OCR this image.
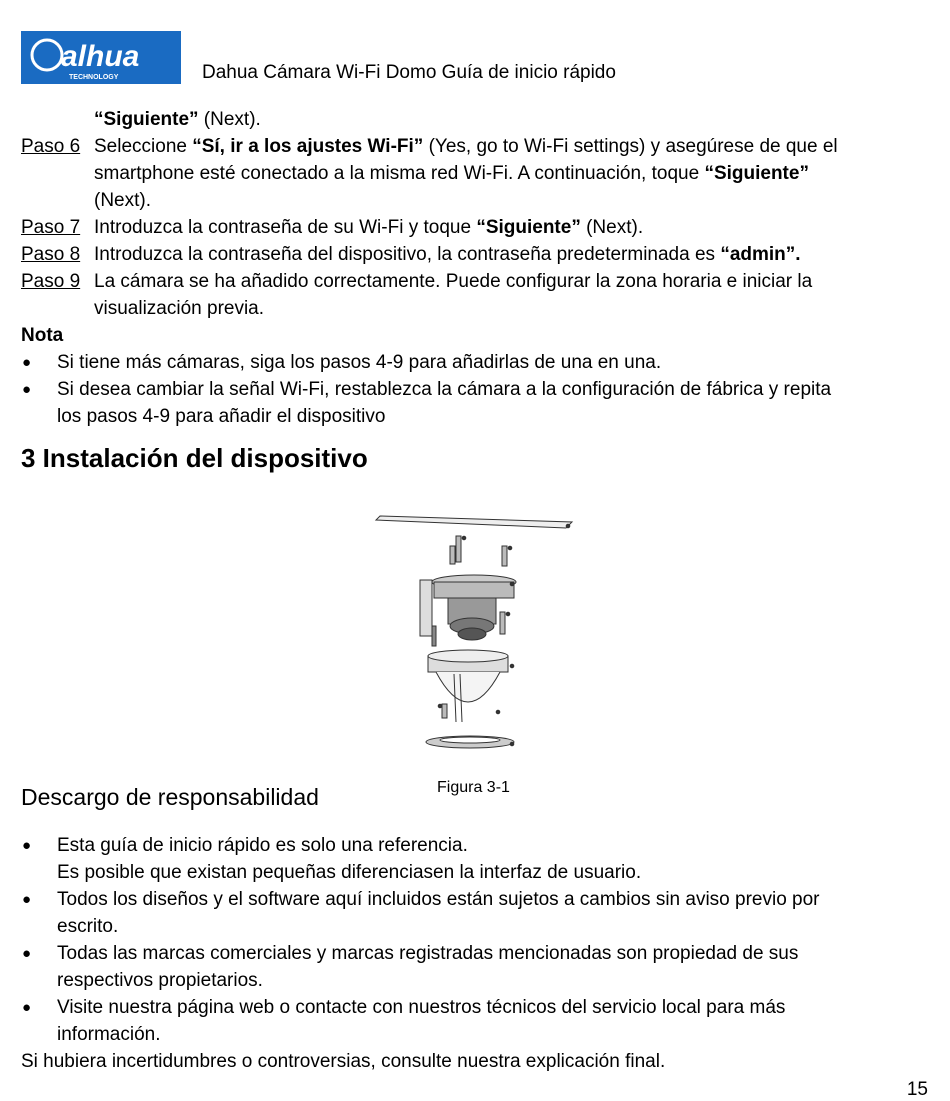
alhua
TECHNOLOGY	Dahua Cámara Wi-Fi Domo Guía de inicio rápido
“Siguiente” (Next).
Paso 6 Seleccione “Sí, ir a los ajustes Wi-Fi” (Yes, go to Wi-Fi settings) y asegúrese de que el
smartphone esté conectado a la misma red Wi-Fi. A continuación, toque “Siguiente”
(Next).
Paso 7 Introduzca la contraseña de su Wi-Fi y toque “Siguiente” (Next).
Paso 8 Introduzca la contraseña del dispositivo, la contraseña predeterminada es “admin”.
Paso 9 La cámara se ha añadido correctamente. Puede configurar la zona horaria e iniciar la
visualización previa.
Nota
● Si tiene más cámaras, siga los pasos 4-9 para añadirlas de una en una.
● Si desea cambiar la señal Wi-Fi, restablezca la cámara a la configuración de fábrica y repita
los pasos 4-9 para añadir el dispositivo
3 Instalación del dispositivo
Figura 3-1
Descargo de responsabilidad
● Esta guía de inicio rápido es solo una referencia.
Es posible que existan pequeñas diferenciasen la interfaz de usuario.
● Todos los diseños y el software aquí incluidos están sujetos a cambios sin aviso previo por
escrito.
● Todas las marcas comerciales y marcas registradas mencionadas son propiedad de sus
respectivos propietarios.
● Visite nuestra página web o contacte con nuestros técnicos del servicio local para más
información.
Si hubiera incertidumbres o controversias, consulte nuestra explicación final.
15
